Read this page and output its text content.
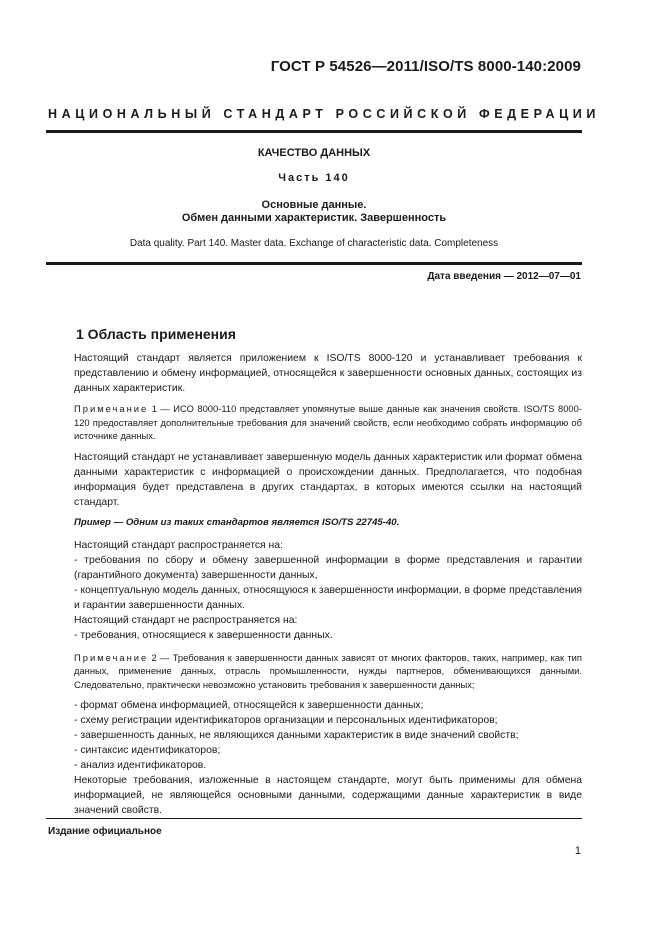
ГОСТ Р 54526—2011/ISO/TS 8000-140:2009
НАЦИОНАЛЬНЫЙ СТАНДАРТ РОССИЙСКОЙ ФЕДЕРАЦИИ
КАЧЕСТВО ДАННЫХ
Часть 140
Основные данные.
Обмен данными характеристик. Завершенность
Data quality. Part 140. Master data. Exchange of characteristic data. Completeness
Дата введения — 2012—07—01
1 Область применения

Настоящий стандарт является приложением к ISO/TS 8000-120 и устанавливает требования к представлению и обмену информацией, относящейся к завершенности основных данных, состоящих из данных характеристик.

Примечание 1 — ИСО 8000-110 представляет упомянутые выше данные как значения свойств. ISO/TS 8000-120 предоставляет дополнительные требования для значений свойств, если необходимо собрать информацию об источнике данных.

Настоящий стандарт не устанавливает завершенную модель данных характеристик или формат обмена данными характеристик с информацией о происхождении данных. Предполагается, что подобная информация будет представлена в других стандартах, в которых имеются ссылки на настоящий стандарт.

Пример — Одним из таких стандартов является ISO/TS 22745-40.

Настоящий стандарт распространяется на:

- требования по сбору и обмену завершенной информации в форме представления и гарантии (гарантийного документа) завершенности данных,

- концептуальную модель данных, относящуюся к завершенности информации, в форме представления и гарантии завершенности данных.

Настоящий стандарт не распространяется на:

- требования, относящиеся к завершенности данных.

Примечание 2 — Требования к завершенности данных зависят от многих факторов, таких, например, как тип данных, применение данных, отрасль промышленности, нужды партнеров, обменивающихся данными. Следовательно, практически невозможно установить требования к завершенности данных;

- формат обмена информацией, относящейся к завершенности данных;

- схему регистрации идентификаторов организации и персональных идентификаторов;

- завершенность данных, не являющихся данными характеристик в виде значений свойств;

- синтаксис идентификаторов;

- анализ идентификаторов.

Некоторые требования, изложенные в настоящем стандарте, могут быть применимы для обмена информацией, не являющейся основными данными, содержащими данные характеристик в виде значений свойств.

Издание официальное
1
